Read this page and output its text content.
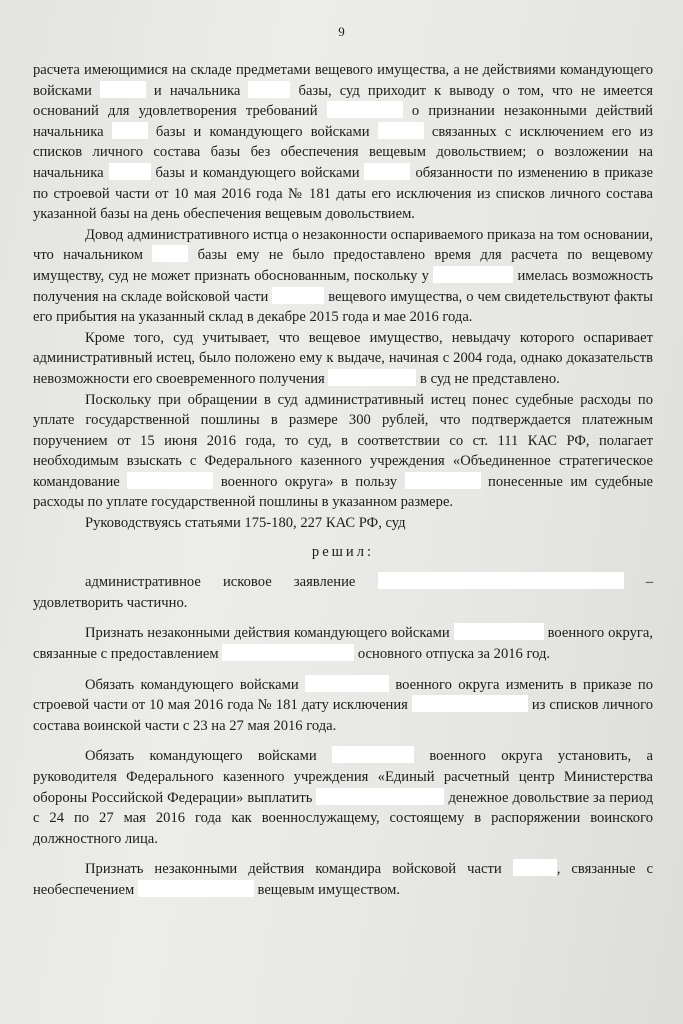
9

расчета имеющимися на складе предметами вещевого имущества, а не действиями командующего войсками	и начальника	базы, суд приходит к выводу о том, что не имеется оснований для удовлетворения требований	о признании незаконными действий начальника  базы и командующего войсками	связанных с исключением его из списков личного состава базы без обеспечения вещевым довольствием; о возложении на начальника	базы и командующего войсками	обязанности по изменению в приказе по строевой части от 10 мая 2016 года № 181 даты его исключения из списков личного состава указанной базы на день обеспечения вещевым довольствием.

Довод административного истца о незаконности оспариваемого приказа на том основании, что начальником  базы ему не было предоставлено время для расчета по вещевому имуществу, суд не может признать обоснованным, поскольку у	имелась возможность получения на складе войсковой части	вещевого имущества, о чем свидетельствуют факты его прибытия на указанный склад в декабре 2015 года и мае 2016 года.

Кроме того, суд учитывает, что вещевое имущество, невыдачу которого оспаривает административный истец, было положено ему к выдаче, начиная с 2004 года, однако доказательств невозможности его своевременного получения	в суд не представлено.

Поскольку при обращении в суд административный истец понес судебные расходы по уплате государственной пошлины в размере 300 рублей, что подтверждается платежным поручением от 15 июня 2016 года, то суд, в соответствии со ст. 111 КАС РФ, полагает необходимым взыскать с Федерального казенного учреждения «Объединенное стратегическое командование	военного округа» в пользу	понесенные им судебные расходы по уплате государственной пошлины в указанном размере.

Руководствуясь статьями 175-180, 227 КАС РФ, суд

решил:

административное исковое заявление	– удовлетворить частично.

Признать незаконными действия командующего войсками	военного округа, связанные с предоставлением	основного отпуска за 2016 год.

Обязать командующего войсками	военного округа изменить в приказе по строевой части от 10 мая 2016 года № 181 дату исключения	из списков личного состава воинской части с 23 на 27 мая 2016 года.

Обязать командующего войсками	военного округа установить, а руководителя Федерального казенного учреждения «Единый расчетный центр Министерства обороны Российской Федерации» выплатить	денежное довольствие за период с 24 по 27 мая 2016 года как военнослужащему, состоящему в распоряжении воинского должностного лица.

Признать незаконными действия командира войсковой части	, связанные с необеспечением	вещевым имуществом.
